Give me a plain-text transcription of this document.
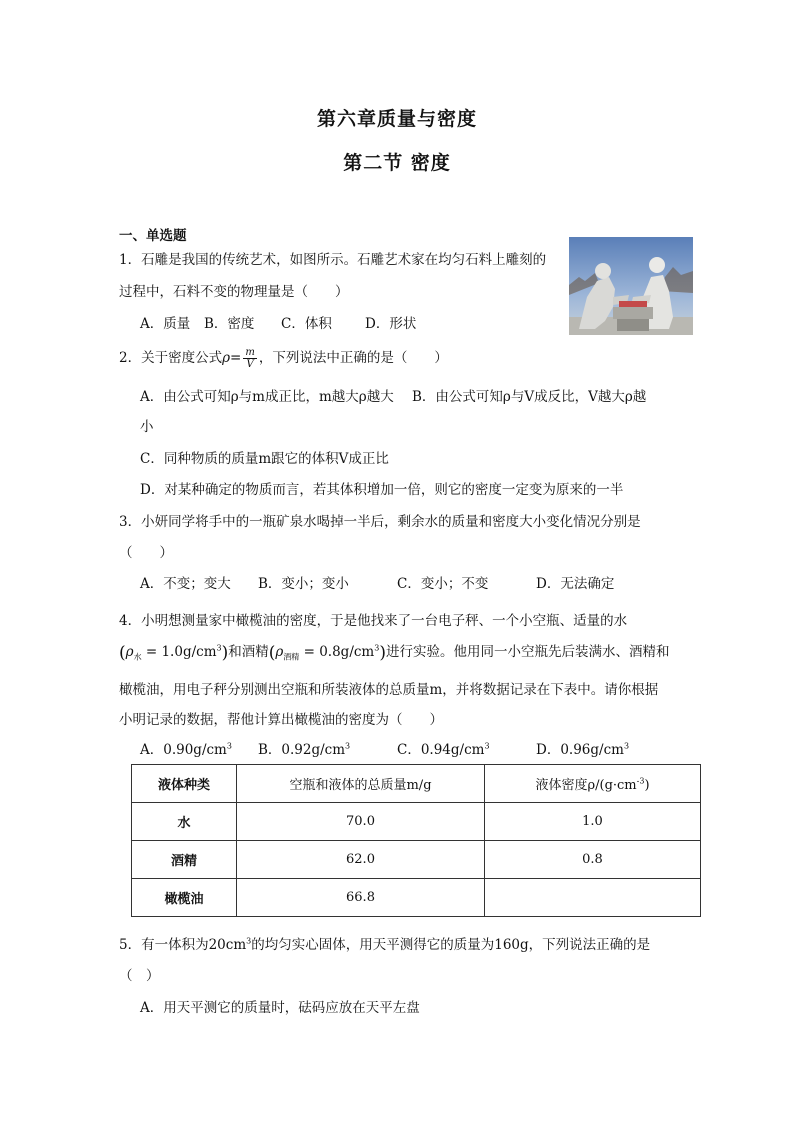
第六章质量与密度
第二节 密度
一、单选题
1．石雕是我国的传统艺术，如图所示。石雕艺术家在均匀石料上雕刻的
过程中，石料不变的物理量是（　　）
A．质量 B．密度 C．体积 D．形状
2．关于密度公式$\rho= \frac{m}{V}$ ，下列说法中正确的是（　　）
A．由公式可知ρ与m成正比，m越大ρ越大 B．由公式可知ρ与V成反比，V越大ρ越
小
C．同种物质的质量m跟它的体积V成正比
D．对某种确定的物质而言，若其体积增加一倍，则它的密度一定变为原来的一半
3．小妍同学将手中的一瓶矿泉水喝掉一半后，剩余水的质量和密度大小变化情况分别是
（　　）
A．不变；变大 B．变小；变小	C．变小；不变	D．无法确定
4．小明想测量家中橄榄油的密度，于是他找来了一台电子秤、一个小空瓶、适量的水
$(\rho_水 = 1.0g/cm^3)$和酒精$(\rho_{酒精} = 0.8g/cm^3)$进行实验。他用同一小空瓶先后装满水、酒精和
橄榄油，用电子秤分别测出空瓶和所装液体的总质量m，并将数据记录在下表中。请你根据
小明记录的数据，帮他计算出橄榄油的密度为（　　）
A．$0.90g/cm^3$ B．$0.92g/cm^3$	C．$0.94g/cm^3$	D．$0.96g/cm^3$
液体种类	空瓶和液体的总质量m/g	液体密度$\rho/(g\cdot cm^{-3})$
水	70.0	1.0
酒精	62.0	0.8
橄榄油	66.8	
5．有一体积为$20cm^3$的均匀实心固体，用天平测得它的质量为160g，下列说法正确的是
（　）
A．用天平测它的质量时，砝码应放在天平左盘
